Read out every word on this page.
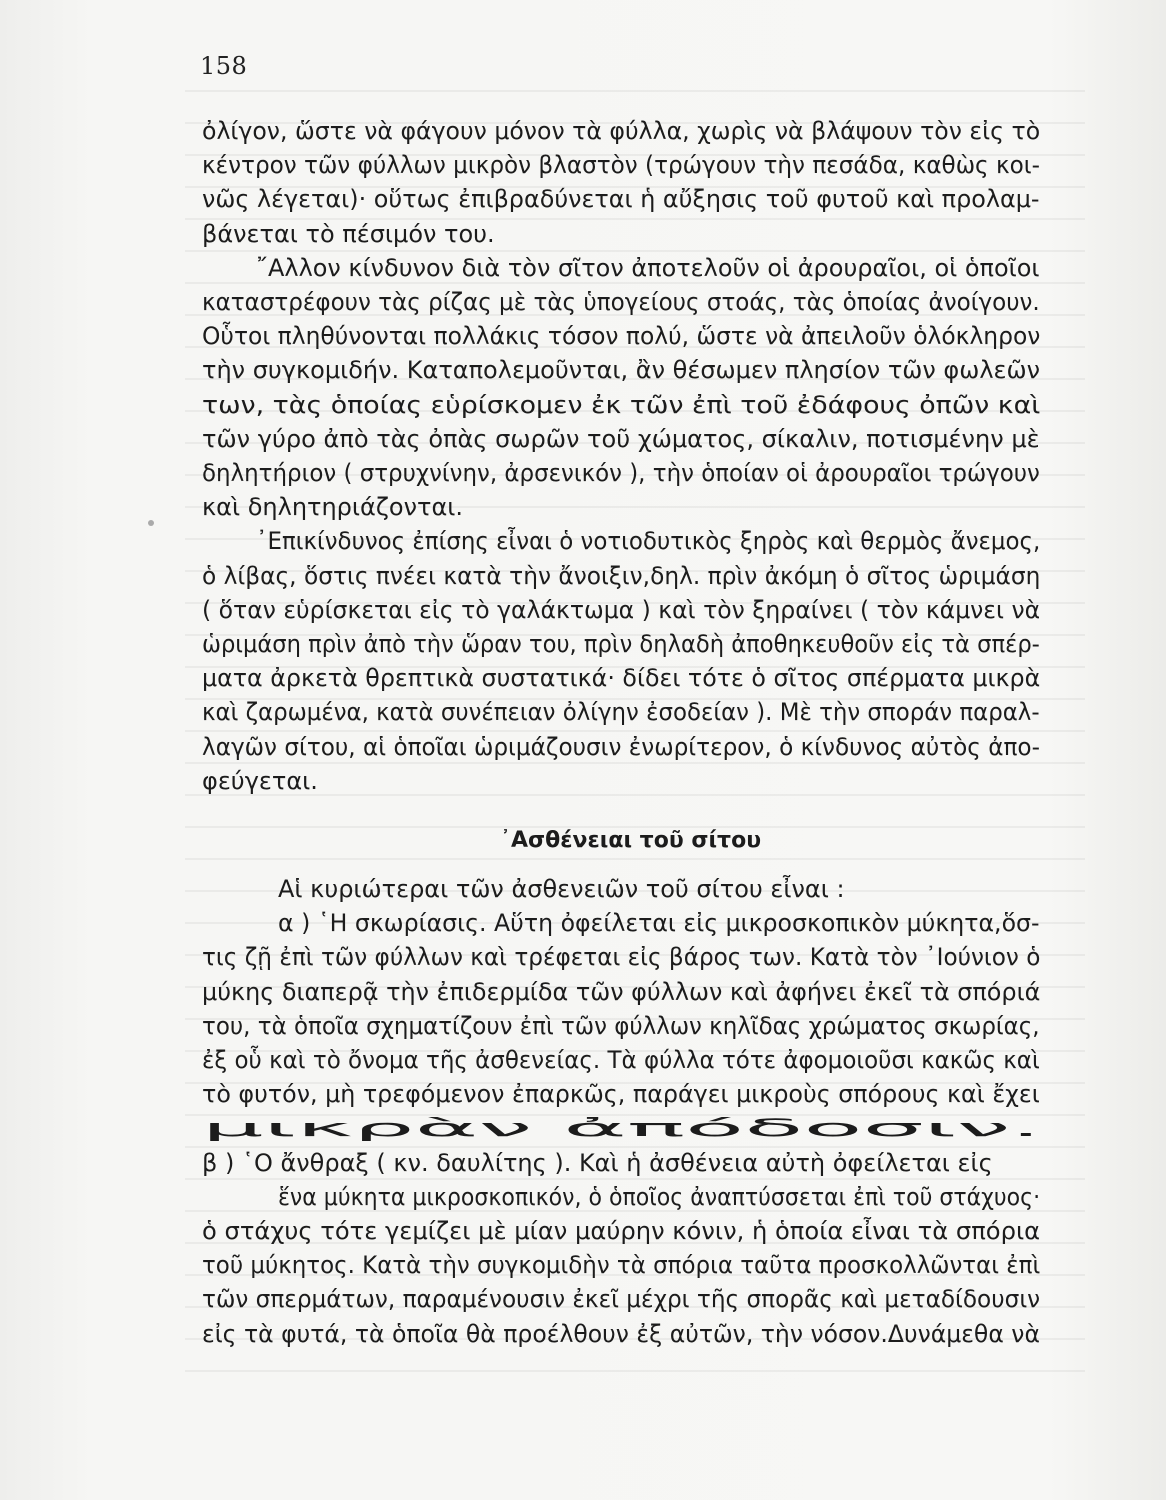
158
ὀλίγον, ὥστε νὰ φάγουν μόνον τὰ φύλλα, χωρὶς νὰ βλάψουν τὸν εἰς τὸ
κέντρον τῶν φύλλων μικρὸν βλαστὸν (τρώγουν τὴν πεσάδα, καθὼς κοι-
νῶς λέγεται)· οὕτως ἐπιβραδύνεται ἡ αὔξησις τοῦ φυτοῦ καὶ προλαμ-
βάνεται τὸ πέσιμόν του.
῎Αλλον κίνδυνον διὰ τὸν σῖτον ἀποτελοῦν οἱ ἀρουραῖοι, οἱ ὁποῖοι
καταστρέφουν τὰς ρίζας μὲ τὰς ὑπογείους στοάς, τὰς ὁποίας ἀνοίγουν.
Οὗτοι πληθύνονται πολλάκις τόσον πολύ, ὥστε νὰ ἀπειλοῦν ὁλόκληρον
τὴν συγκομιδήν. Καταπολεμοῦνται, ἂν θέσωμεν πλησίον τῶν φωλεῶν
των, τὰς ὁποίας εὑρίσκομεν ἐκ τῶν ἐπὶ τοῦ ἐδάφους ὀπῶν καὶ
τῶν γύρο ἀπὸ τὰς ὀπὰς σωρῶν τοῦ χώματος, σίκαλιν, ποτισμένην μὲ
δηλητήριον ( στρυχνίνην, ἀρσενικόν ), τὴν ὁποίαν οἱ ἀρουραῖοι τρώγουν
καὶ δηλητηριάζονται.
᾿Επικίνδυνος ἐπίσης εἶναι ὁ νοτιοδυτικὸς ξηρὸς καὶ θερμὸς ἄνεμος,
ὁ λίβας, ὅστις πνέει κατὰ τὴν ἄνοιξιν,δηλ. πρὶν ἀκόμη ὁ σῖτος ὡριμάση
( ὅταν εὑρίσκεται εἰς τὸ γαλάκτωμα ) καὶ τὸν ξηραίνει ( τὸν κάμνει νὰ
ὡριμάση πρὶν ἀπὸ τὴν ὥραν του, πρὶν δηλαδὴ ἀποθηκευθοῦν εἰς τὰ σπέρ-
ματα ἀρκετὰ θρεπτικὰ συστατικά· δίδει τότε ὁ σῖτος σπέρματα μικρὰ
καὶ ζαρωμένα, κατὰ συνέπειαν ὀλίγην ἐσοδείαν ). Μὲ τὴν σποράν παραλ-
λαγῶν σίτου, αἱ ὁποῖαι ὡριμάζουσιν ἐνωρίτερον, ὁ κίνδυνος αὐτὸς ἀπο-
φεύγεται.
᾿Ασθένειαι τοῦ σίτου
Αἱ κυριώτεραι τῶν ἀσθενειῶν τοῦ σίτου εἶναι :
α ) ῾Η σκωρίασις. Αὕτη ὀφείλεται εἰς μικροσκοπικὸν μύκητα,ὅσ-
τις ζῇ ἐπὶ τῶν φύλλων καὶ τρέφεται εἰς βάρος των. Κατὰ τὸν ᾿Ιούνιον ὁ
μύκης διαπερᾷ τὴν ἐπιδερμίδα τῶν φύλλων καὶ ἀφήνει ἐκεῖ τὰ σπόριά
του, τὰ ὁποῖα σχηματίζουν ἐπὶ τῶν φύλλων κηλῖδας χρώματος σκωρίας,
ἐξ οὗ καὶ τὸ ὄνομα τῆς ἀσθενείας. Τὰ φύλλα τότε ἀφομοιοῦσι κακῶς καὶ
τὸ φυτόν, μὴ τρεφόμενον ἐπαρκῶς, παράγει μικροὺς σπόρους καὶ ἔχει
μικρὰν ἀπόδοσιν.
β ) ῾Ο ἄνθραξ ( κν. δαυλίτης ). Καὶ ἡ ἀσθένεια αὐτὴ ὀφείλεται εἰς
ἕνα μύκητα μικροσκοπικόν, ὁ ὁποῖος ἀναπτύσσεται ἐπὶ τοῦ στάχυος·
ὁ στάχυς τότε γεμίζει μὲ μίαν μαύρην κόνιν, ἡ ὁποία εἶναι τὰ σπόρια
τοῦ μύκητος. Κατὰ τὴν συγκομιδὴν τὰ σπόρια ταῦτα προσκολλῶνται ἐπὶ
τῶν σπερμάτων, παραμένουσιν ἐκεῖ μέχρι τῆς σπορᾶς καὶ μεταδίδουσιν
εἰς τὰ φυτά, τὰ ὁποῖα θὰ προέλθουν ἐξ αὐτῶν, τὴν νόσον.Δυνάμεθα νὰ
